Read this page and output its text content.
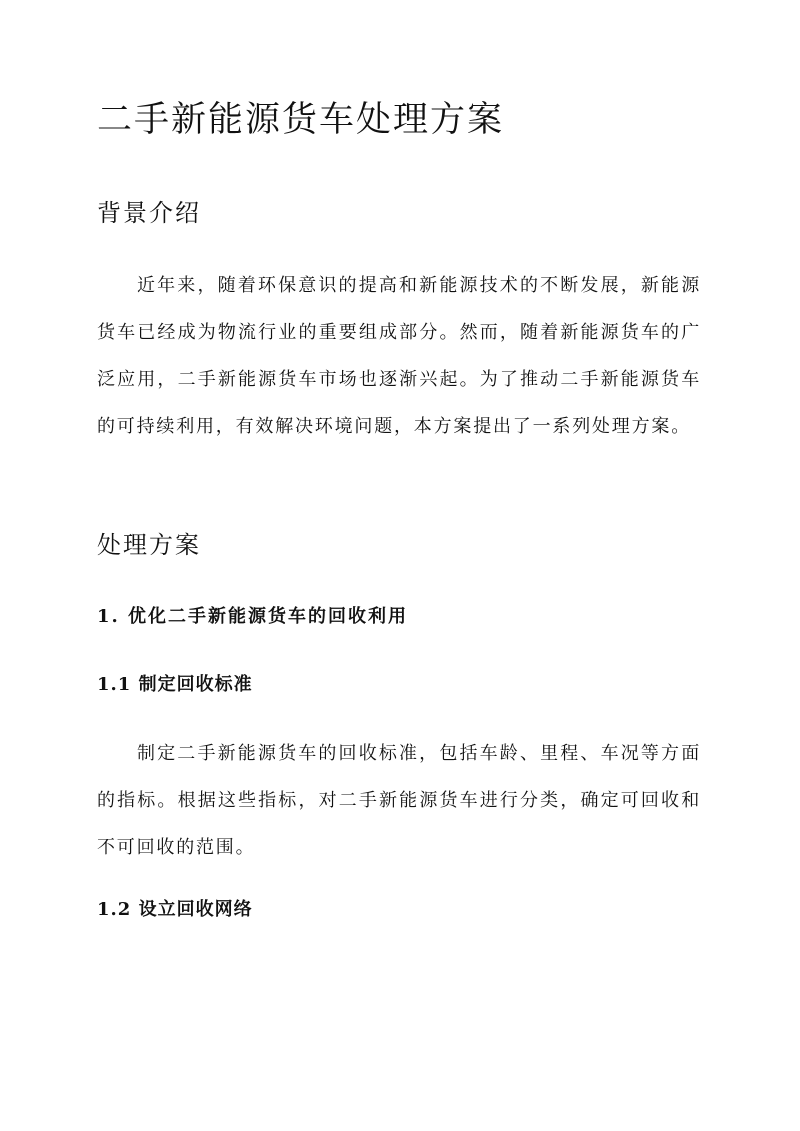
二手新能源货车处理方案
背景介绍

近年来，随着环保意识的提高和新能源技术的不断发展，新能源货车已经成为物流行业的重要组成部分。然而，随着新能源货车的广泛应用，二手新能源货车市场也逐渐兴起。为了推动二手新能源货车的可持续利用，有效解决环境问题，本方案提出了一系列处理方案。

处理方案
1. 优化二手新能源货车的回收利用
1.1 制定回收标准

制定二手新能源货车的回收标准，包括车龄、里程、车况等方面的指标。根据这些指标，对二手新能源货车进行分类，确定可回收和不可回收的范围。

1.2 设立回收网络
